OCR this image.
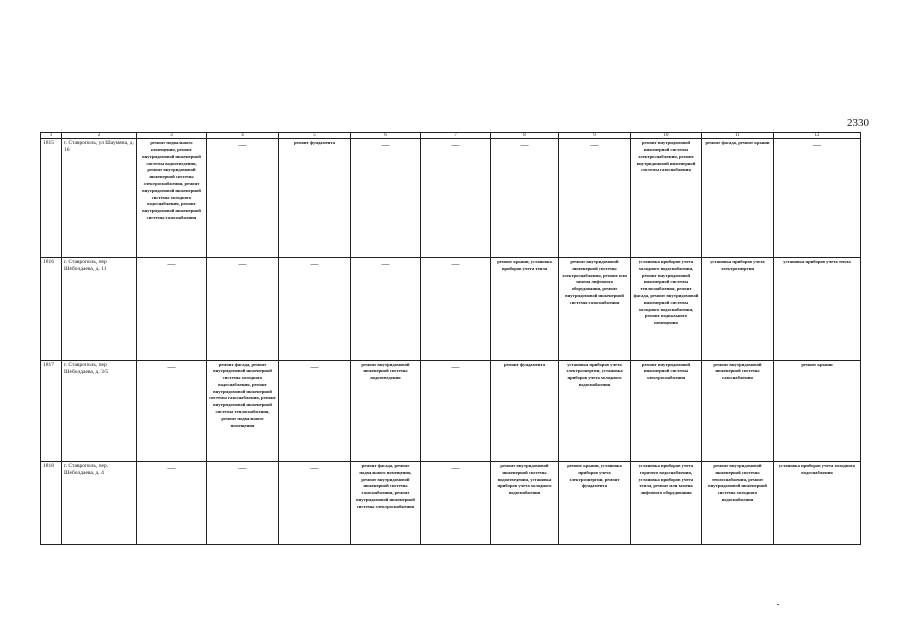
2330
1	2	3	4	5	6	7	8	9	10	11	12
1815	г. Ставрополь, ул Шаумяна, д. 16	ремонт подвального помещения, ремонт внутридомовой инженерной системы водоотведения, ремонт внутридомовой инженерной системы электроснабжения, ремонт внутридомовой инженерной системы холодного водоснабжения, ремонт внутридомовой инженерной системы газоснабжения	—	ремонт фундамента	—	—	—	—	ремонт внутридомовой инженерной системы электроснабжения, ремонт внутридомовой инженерной системы газоснабжения	ремонт фасада, ремонт крыши	—
1816	г. Ставрополь, пер Шеболдаева, д. 11	—	—	—	—	—	ремонт крыши, установка приборов учета тепла	ремонт внутридомовой инженерной системы электроснабжения, ремонт или замена лифтового оборудования, ремонт внутридомовой инженерной системы газоснабжения	установка приборов учета холодного водоснабжения, ремонт внутридомовой инженерной системы теплоснабжения, ремонт фасада, ремонт внутридомовой инженерной системы холодного водоснабжения, ремонт подвального помещения	установка приборов учета электроэнергии	установка приборов учета тепла
1817	г. Ставрополь, пер Шеболдаева, д. 3/5	—	ремонт фасада, ремонт внутридомовой инженерной системы холодного водоснабжения, ремонт внутридомовой инженерной системы газоснабжения, ремонт внутридомовой инженерной системы теплоснабжения, ремонт подвального помещения	—	ремонт внутридомовой инженерной системы водоотведения	—	ремонт фундамента	установка приборов учета электроэнергии, установка приборов учета холодного водоснабжения	ремонт внутридомовой инженерной системы электроснабжения	ремонт внутридомовой инженерной системы газоснабжения	ремонт крыши
1818	г. Ставрополь, пер. Шеболдаева, д. 4	—	—	—	ремонт фасада, ремонт подвального помещения, ремонт внутридомовой инженерной системы газоснабжения, ремонт внутридомовой инженерной системы электроснабжения	—	ремонт внутридомовой инженерной системы водоотведения, установка приборов учета холодного водоснабжения	ремонт крыши, установка приборов учета электроэнергии, ремонт фундамента	установка приборов учета горячего водоснабжения, установка приборов учета тепла, ремонт или замена лифтового оборудования	ремонт внутридомовой инженерной системы теплоснабжения, ремонт внутридомовой инженерной системы холодного водоснабжения	установка приборов учета холодного водоснабжения
